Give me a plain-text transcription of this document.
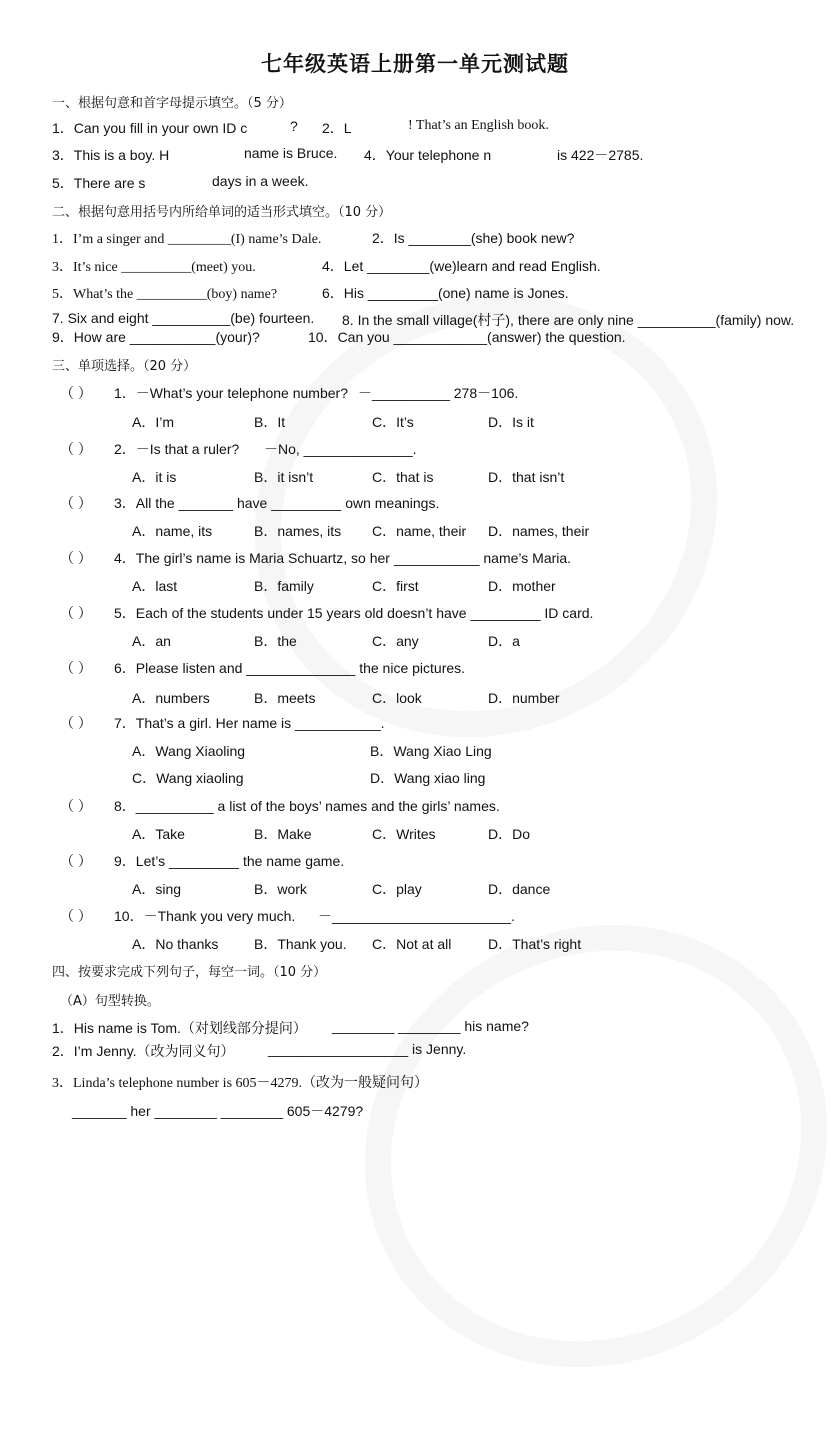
七年级英语上册第一单元测试题
一、根据句意和首字母提示填空。（5 分）
1．Can you fill in your own ID c	? 2．L	! That’s an English book.
3．This is a boy. H	name is Bruce. 4．Your telephone n	is 422－2785.
5．There are s	days in a week.
二、根据句意用括号内所给单词的适当形式填空。（10 分）
1．I’m a singer and _________(I) name’s Dale.	2．Is ________(she) book new?
3．It’s nice __________(meet) you.	4．Let ________(we)learn and read English.
5．What’s the __________(boy) name?	6．His _________(one) name is Jones.
7. Six and eight __________(be) fourteen. 8. In the small village(村子), there are only nine __________(family) now.
9．How are ___________(your)?	10．Can you ____________(answer) the question.
三、单项选择。（20 分）
（ ） 1．－What’s your telephone number? －__________ 278－106.
A．I’m	B．It	C．It’s	D．Is it
（ ） 2．－Is that a ruler? －No, ______________.
A．it is	B．it isn’t	C．that is	D．that isn’t
（ ） 3．All the _______ have _________ own meanings.
A．name, its	B．names, its C．name, their D．names, their
（ ） 4．The girl’s name is Maria Schuartz, so her ___________ name’s Maria.
A．last	B．family	C．first	D．mother
（ ） 5．Each of the students under 15 years old doesn’t have _________ ID card.
A．an	B．the	C．any	D．a
（ ） 6．Please listen and ______________ the nice pictures.
A．numbers	B．meets	C．look	D．number
（ ） 7．That’s a girl. Her name is ___________.
A．Wang Xiaoling	B．Wang Xiao Ling
C．Wang xiaoling	D．Wang xiao ling
（ ） 8．__________ a list of the boys’ names and the girls’ names.
A．Take	B．Make	C．Writes	D．Do
（ ） 9．Let’s _________ the name game.
A．sing	B．work	C．play	D．dance
（ ） 10．－Thank you very much. －_______________________.
A．No thanks	B．Thank you. C．Not at all	D．That’s right
四、按要求完成下列句子，每空一词。（10 分）
（A）句型转换。
1．His name is Tom.（对划线部分提问） ________ ________ his name?
2．I’m Jenny.（改为同义句） __________________ is Jenny.
3．Linda’s telephone number is 605－4279.（改为一般疑问句）
_______ her ________ ________ 605－4279?
